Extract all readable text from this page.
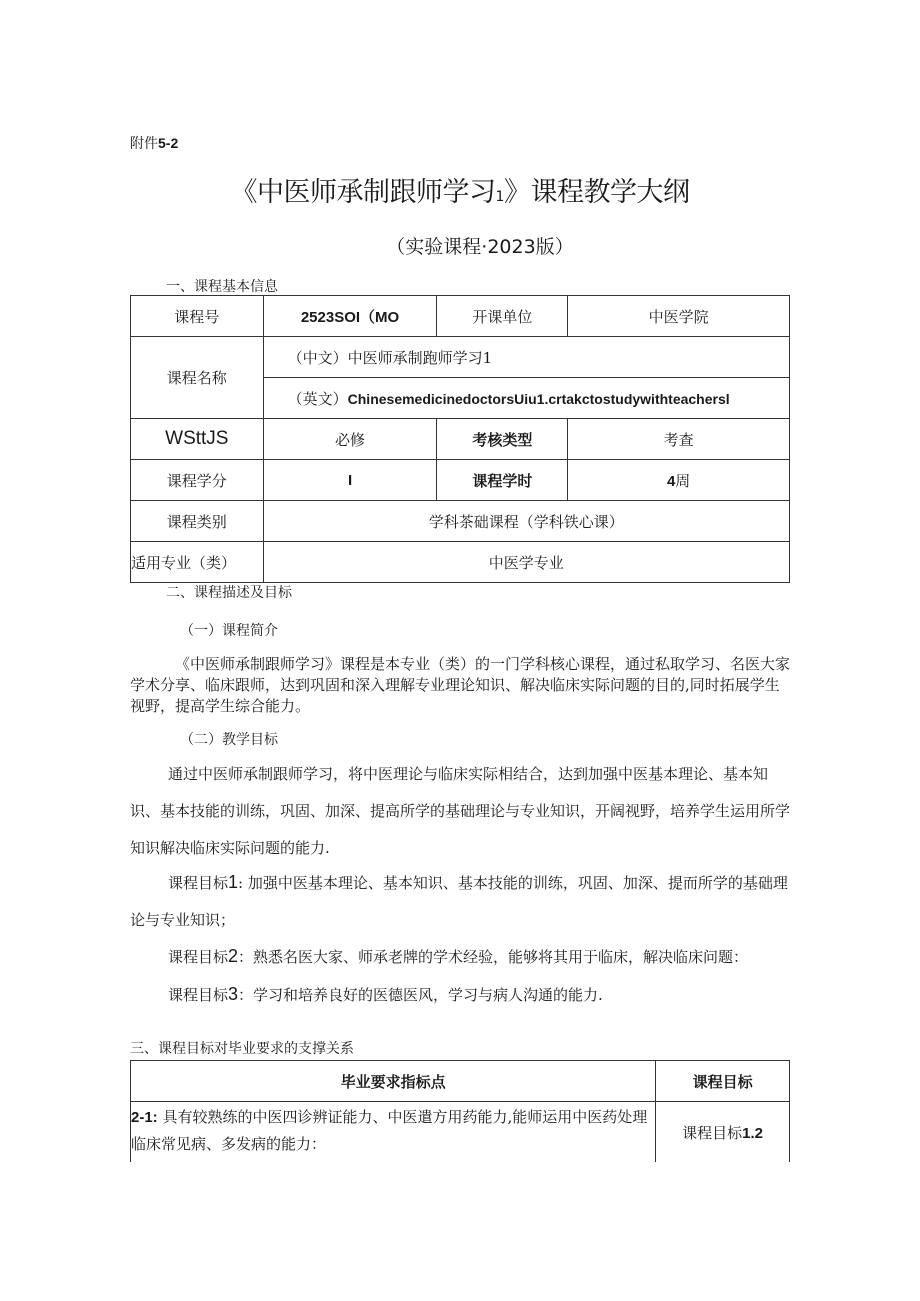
附件5-2
《中医师承制跟师学习1》课程教学大纲
（实验课程·2023版）
一、课程基本信息
课程号	2523SOI（MO	开课单位	中医学院
课程名称	（中文）中医师承制跑师学习1		
	（英文）ChinesemedicinedoctorsUiu1.crtakctostudywithteachersl		
WSttJS	必修	考核类型	考查
课程学分	I	课程学时	4周
课程类别	学科茶础课程（学科铁心课）		
适用专业（类）	中医学专业		
二、课程描述及目标
（一）课程简介
《中医师承制跟师学习》课程是本专业（类）的一门学科核心课程，通过私取学习、名医大家学术分享、临床跟师，达到巩固和深入理解专业理论知识、解决临床实际问题的目的,同时拓展学生视野，提高学生综合能力。
（二）教学目标
通过中医师承制跟师学习，将中医理论与临床实际相结合，达到加强中医基本理论、基本知识、基本技能的训练，巩固、加深、提高所学的基础理论与专业知识，开阔视野，培养学生运用所学知识解决临床实际问题的能力.
课程目标1: 加强中医基本理论、基本知识、基本技能的训练，巩固、加深、提而所学的基础理论与专业知识；
课程目标2：熟悉名医大家、师承老牌的学术经验，能够将其用于临床，解决临床问题：
课程目标3：学习和培养良好的医德医风，学习与病人沟通的能力.
三、课程目标对毕业要求的支撑关系
毕业要求指标点	课程目标
2-1: 具有较熟练的中医四诊辨证能力、中医遣方用药能力,能师运用中医药处理临床常见病、多发病的能力：	课程目标1.2
